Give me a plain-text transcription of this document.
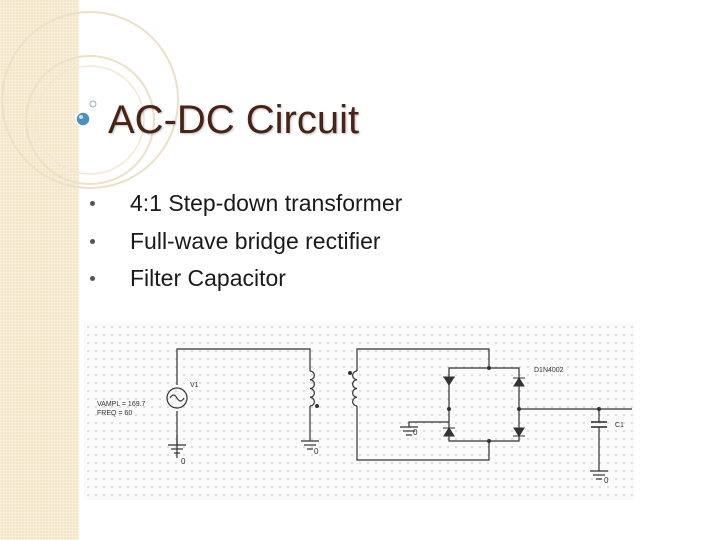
AC-DC Circuit
4:1 Step-down transformer
Full-wave bridge rectifier
Filter Capacitor
V1
VAMPL = 169.7
FREQ = 60
D1N4002
C1
0
0
0
0
